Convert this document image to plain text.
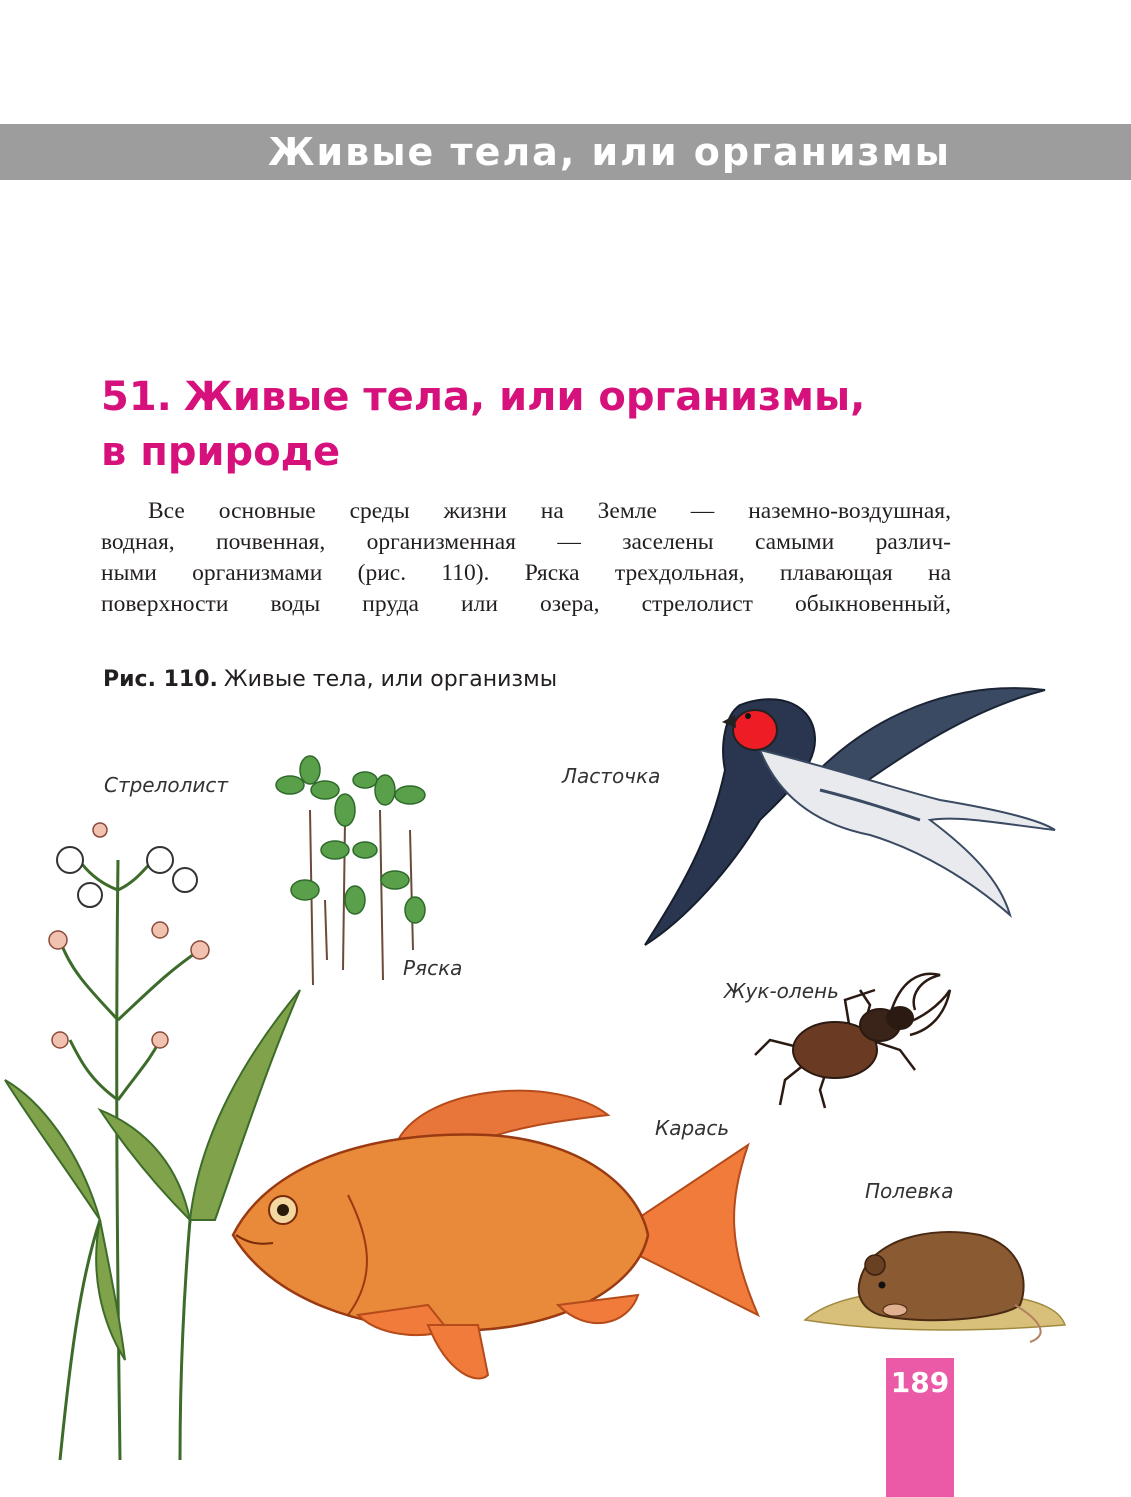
Живые тела, или организмы
51. Живые тела, или организмы,
в природе
Все основные среды жизни на Земле — наземно-воздушная,
водная, почвенная, организменная — заселены самыми различ-
ными организмами (рис. 110). Ряска трехдольная, плавающая на
поверхности воды пруда или озера, стрелолист обыкновенный,
Рис. 110. Живые тела, или организмы
Стрелолист
Ряска
Ласточка
Жук-олень
Карась
Полевка
189
